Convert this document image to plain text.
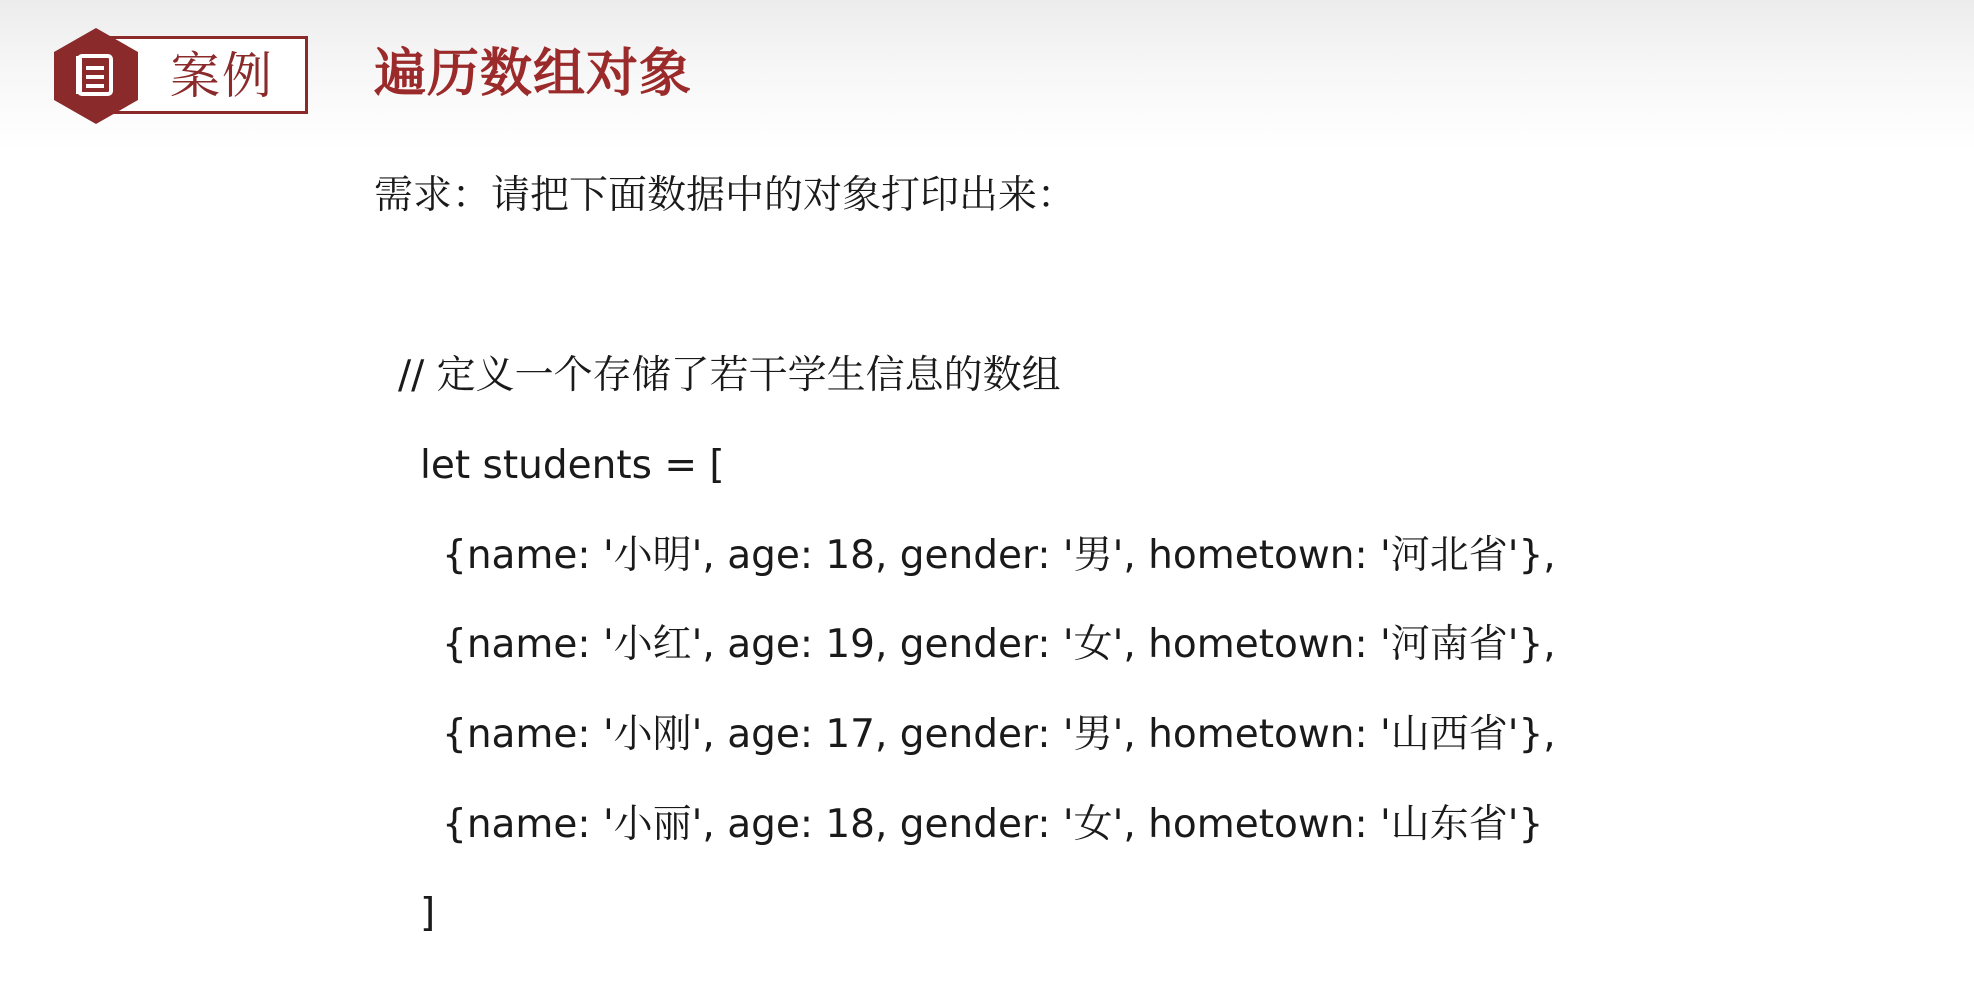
案例 遍历数组对象
需求：请把下面数据中的对象打印出来：
// 定义一个存储了若干学生信息的数组
let students = [
{name: '小明', age: 18, gender: '男', hometown: '河北省'},
{name: '小红', age: 19, gender: '女', hometown: '河南省'},
{name: '小刚', age: 17, gender: '男', hometown: '山西省'},
{name: '小丽', age: 18, gender: '女', hometown: '山东省'}
]
